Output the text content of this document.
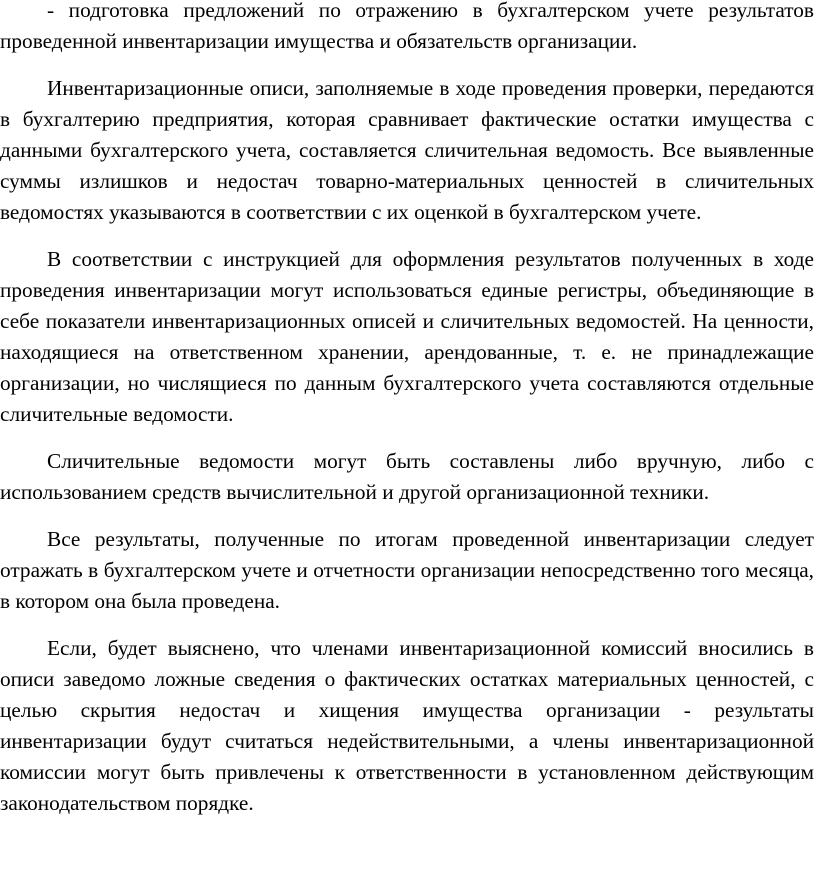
- подготовка предложений по отражению в бухгалтерском учете результатов проведенной инвентаризации имущества и обязательств организации.

Инвентаризационные описи, заполняемые в ходе проведения проверки, передаются в бухгалтерию предприятия, которая сравнивает фактические остатки имущества с данными бухгалтерского учета, составляется сличительная ведомость. Все выявленные суммы излишков и недостач товарно-материальных ценностей в сличительных ведомостях указываются в соответствии с их оценкой в бухгалтерском учете.

В соответствии с инструкцией для оформления результатов полученных в ходе проведения инвентаризации могут использоваться единые регистры, объединяющие в себе показатели инвентаризационных описей и сличительных ведомостей. На ценности, находящиеся на ответственном хранении, арендованные, т. е. не принадлежащие организации, но числящиеся по данным бухгалтерского учета составляются отдельные сличительные ведомости.

Сличительные ведомости могут быть составлены либо вручную, либо с использованием средств вычислительной и другой организационной техники.

Все результаты, полученные по итогам проведенной инвентаризации следует отражать в бухгалтерском учете и отчетности организации непосредственно того месяца, в котором она была проведена.

Если, будет выяснено, что членами инвентаризационной комиссий вносились в описи заведомо ложные сведения о фактических остатках материальных ценностей, с целью скрытия недостач и хищения имущества организации - результаты инвентаризации будут считаться недействительными, а члены инвентаризационной комиссии могут быть привлечены к ответственности в установленном действующим законодательством порядке.
